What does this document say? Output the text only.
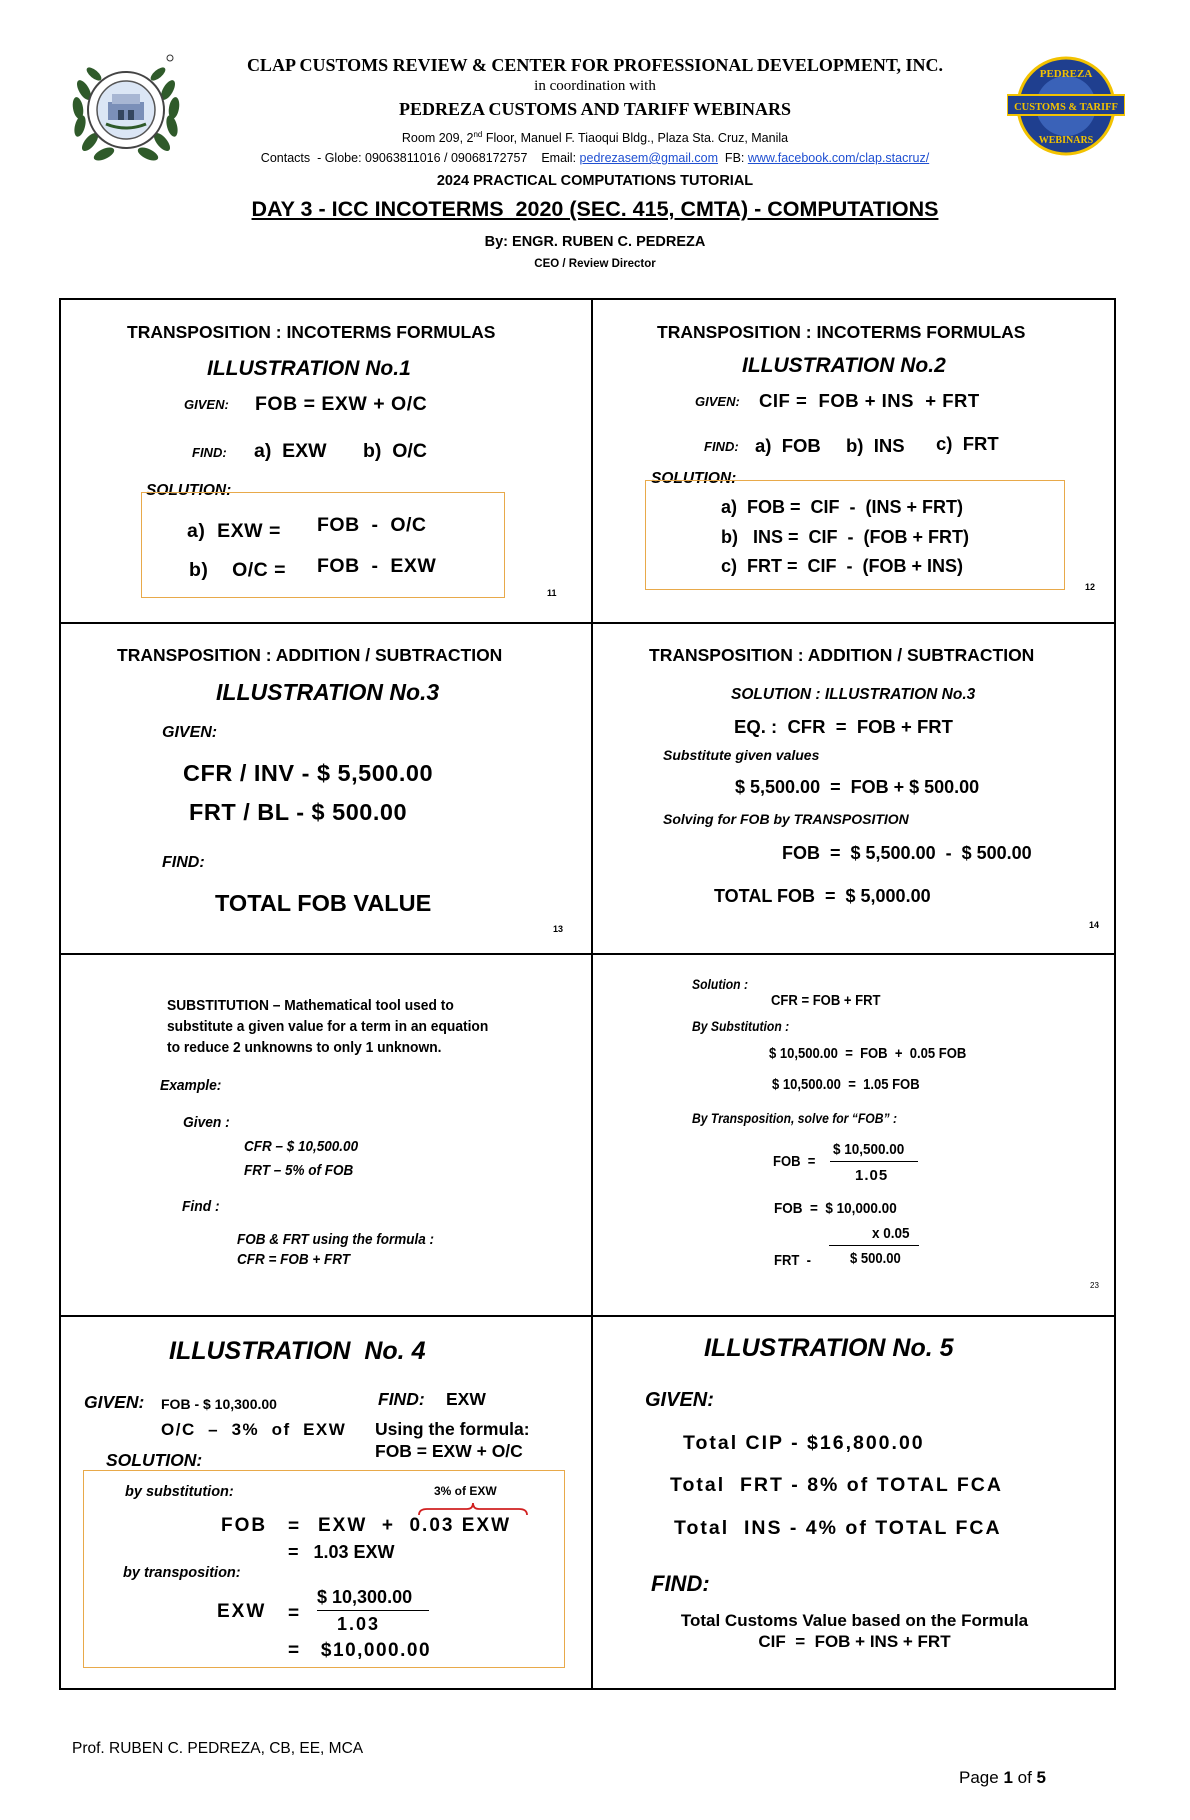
PEDREZA
CUSTOMS & TARIFF
WEBINARS
CLAP CUSTOMS REVIEW & CENTER FOR PROFESSIONAL DEVELOPMENT, INC.
in coordination with
PEDREZA CUSTOMS AND TARIFF WEBINARS
Room 209, 2nd Floor, Manuel F. Tiaoqui Bldg., Plaza Sta. Cruz, Manila
Contacts  - Globe: 09063811016 / 09068172757    Email: pedrezasem@gmail.com  FB: www.facebook.com/clap.stacruz/
2024 PRACTICAL COMPUTATIONS TUTORIAL
DAY 3 - ICC INCOTERMS  2020 (SEC. 415, CMTA) - COMPUTATIONS
By: ENGR. RUBEN C. PEDREZA
CEO / Review Director
TRANSPOSITION : INCOTERMS FORMULAS
ILLUSTRATION No.1
GIVEN: FOB = EXW + O/C
FIND: a)  EXW b)  O/C
SOLUTION:
a)  EXW = FOB  -  O/C
b)    O/C = FOB  -  EXW
11
TRANSPOSITION : INCOTERMS FORMULAS
ILLUSTRATION No.2
GIVEN: CIF =  FOB + INS  + FRT
FIND: a)  FOB b)  INS c)  FRT
SOLUTION:
a)  FOB =  CIF  -  (INS + FRT)
b)   INS =  CIF  -  (FOB + FRT)
c)  FRT =  CIF  -  (FOB + INS)
12
TRANSPOSITION : ADDITION / SUBTRACTION
ILLUSTRATION No.3
GIVEN:
CFR / INV - $ 5,500.00
FRT / BL - $ 500.00
FIND:
TOTAL FOB VALUE
13
TRANSPOSITION : ADDITION / SUBTRACTION
SOLUTION : ILLUSTRATION No.3
EQ. :  CFR  =  FOB + FRT
Substitute given values
$ 5,500.00  =  FOB + $ 500.00
Solving for FOB by TRANSPOSITION
FOB  =  $ 5,500.00  -  $ 500.00
TOTAL FOB  =  $ 5,000.00
14
SUBSTITUTION – Mathematical tool used to
substitute a given value for a term in an equation
to reduce 2 unknowns to only 1 unknown.
Example:
Given :
CFR – $ 10,500.00
FRT – 5% of FOB
Find :
FOB & FRT using the formula :
CFR = FOB + FRT
Solution :
CFR = FOB + FRT
By Substitution :
$ 10,500.00  =  FOB  +  0.05 FOB
$ 10,500.00  =  1.05 FOB
By Transposition, solve for “FOB” :
FOB  =
$ 10,500.00
1.05
FOB  =  $ 10,000.00
x 0.05
FRT  -	$ 500.00
23
ILLUSTRATION  No. 4
GIVEN: FOB - $ 10,300.00
O/C  –  3%  of  EXW
FIND: EXW
Using the formula:
FOB = EXW + O/C
SOLUTION:
by substitution:	3% of EXW
FOB = EXW  +  0.03 EXW
=   1.03 EXW
by transposition:
EXW =
$ 10,300.00
1.03
=   $10,000.00
ILLUSTRATION No. 5
GIVEN:
Total CIP - $16,800.00
Total  FRT - 8% of TOTAL FCA
Total  INS - 4% of TOTAL FCA
FIND:
Total Customs Value based on the Formula
CIF  =  FOB + INS + FRT
Prof. RUBEN C. PEDREZA, CB, EE, MCA
Page 1 of 5
